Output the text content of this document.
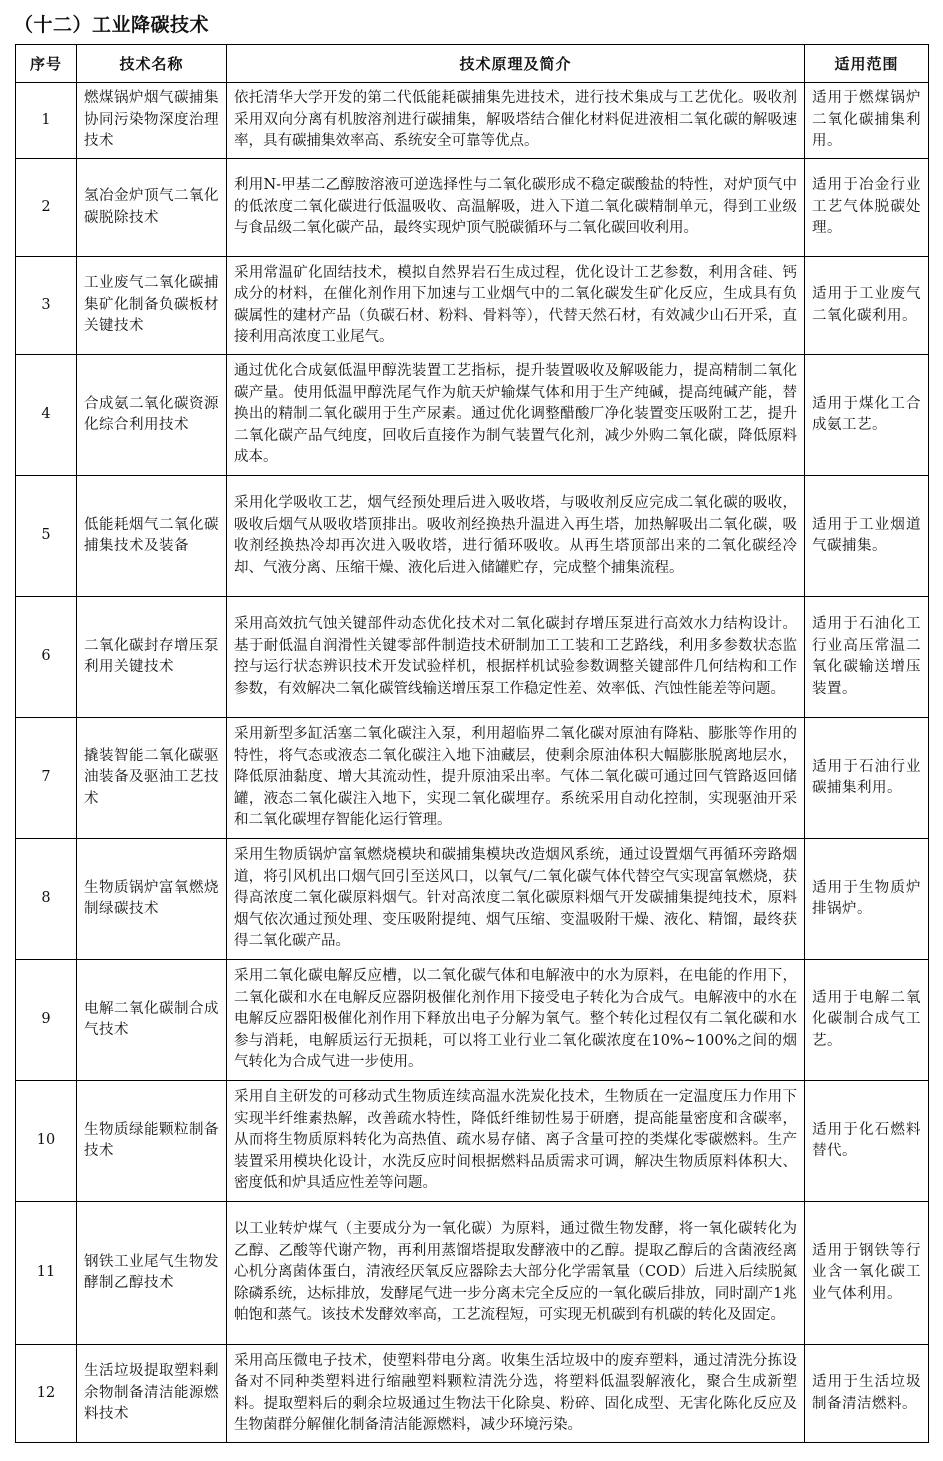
（十二）工业降碳技术
序号	技术名称	技术原理及简介	适用范围
1	燃煤锅炉烟气碳捕集协同污染物深度治理技术	依托清华大学开发的第二代低能耗碳捕集先进技术，进行技术集成与工艺优化。吸收剂采用双向分离有机胺溶剂进行碳捕集，解吸塔结合催化材料促进液相二氧化碳的解吸速率，具有碳捕集效率高、系统安全可靠等优点。	适用于燃煤锅炉二氧化碳捕集利用。
2	氢冶金炉顶气二氧化碳脱除技术	利用N-甲基二乙醇胺溶液可逆选择性与二氧化碳形成不稳定碳酸盐的特性，对炉顶气中的低浓度二氧化碳进行低温吸收、高温解吸，进入下道二氧化碳精制单元，得到工业级与食品级二氧化碳产品，最终实现炉顶气脱碳循环与二氧化碳回收利用。	适用于冶金行业工艺气体脱碳处理。
3	工业废气二氧化碳捕集矿化制备负碳板材关键技术	采用常温矿化固结技术，模拟自然界岩石生成过程，优化设计工艺参数，利用含硅、钙成分的材料，在催化剂作用下加速与工业烟气中的二氧化碳发生矿化反应，生成具有负碳属性的建材产品（负碳石材、粉料、骨料等），代替天然石材，有效减少山石开采，直接利用高浓度工业尾气。	适用于工业废气二氧化碳利用。
4	合成氨二氧化碳资源化综合利用技术	通过优化合成氨低温甲醇洗装置工艺指标，提升装置吸收及解吸能力，提高精制二氧化碳产量。使用低温甲醇洗尾气作为航天炉输煤气体和用于生产纯碱，提高纯碱产能，替换出的精制二氧化碳用于生产尿素。通过优化调整醋酸厂净化装置变压吸附工艺，提升二氧化碳产品气纯度，回收后直接作为制气装置气化剂，减少外购二氧化碳，降低原料成本。	适用于煤化工合成氨工艺。
5	低能耗烟气二氧化碳捕集技术及装备	采用化学吸收工艺，烟气经预处理后进入吸收塔，与吸收剂反应完成二氧化碳的吸收，吸收后烟气从吸收塔顶排出。吸收剂经换热升温进入再生塔，加热解吸出二氧化碳，吸收剂经换热冷却再次进入吸收塔，进行循环吸收。从再生塔顶部出来的二氧化碳经冷却、气液分离、压缩干燥、液化后进入储罐贮存，完成整个捕集流程。	适用于工业烟道气碳捕集。
6	二氧化碳封存增压泵利用关键技术	采用高效抗气蚀关键部件动态优化技术对二氧化碳封存增压泵进行高效水力结构设计。基于耐低温自润滑性关键零部件制造技术研制加工工装和工艺路线，利用多参数状态监控与运行状态辨识技术开发试验样机，根据样机试验参数调整关键部件几何结构和工作参数，有效解决二氧化碳管线输送增压泵工作稳定性差、效率低、汽蚀性能差等问题。	适用于石油化工行业高压常温二氧化碳输送增压装置。
7	撬装智能二氧化碳驱油装备及驱油工艺技术	采用新型多缸活塞二氧化碳注入泵，利用超临界二氧化碳对原油有降粘、膨胀等作用的特性，将气态或液态二氧化碳注入地下油藏层，使剩余原油体积大幅膨胀脱离地层水，降低原油黏度、增大其流动性，提升原油采出率。气体二氧化碳可通过回气管路返回储罐，液态二氧化碳注入地下，实现二氧化碳埋存。系统采用自动化控制，实现驱油开采和二氧化碳埋存智能化运行管理。	适用于石油行业碳捕集利用。
8	生物质锅炉富氧燃烧制绿碳技术	采用生物质锅炉富氧燃烧模块和碳捕集模块改造烟风系统，通过设置烟气再循环旁路烟道，将引风机出口烟气回引至送风口，以氧气/二氧化碳气体代替空气实现富氧燃烧，获得高浓度二氧化碳原料烟气。针对高浓度二氧化碳原料烟气开发碳捕集提纯技术，原料烟气依次通过预处理、变压吸附提纯、烟气压缩、变温吸附干燥、液化、精馏，最终获得二氧化碳产品。	适用于生物质炉排锅炉。
9	电解二氧化碳制合成气技术	采用二氧化碳电解反应槽，以二氧化碳气体和电解液中的水为原料，在电能的作用下，二氧化碳和水在电解反应器阴极催化剂作用下接受电子转化为合成气。电解液中的水在电解反应器阳极催化剂作用下释放出电子分解为氧气。整个转化过程仅有二氧化碳和水参与消耗，电解质运行无损耗，可以将工业行业二氧化碳浓度在10%~100%之间的烟气转化为合成气进一步使用。	适用于电解二氧化碳制合成气工艺。
10	生物质绿能颗粒制备技术	采用自主研发的可移动式生物质连续高温水洗炭化技术，生物质在一定温度压力作用下实现半纤维素热解，改善疏水特性，降低纤维韧性易于研磨，提高能量密度和含碳率，从而将生物质原料转化为高热值、疏水易存储、离子含量可控的类煤化零碳燃料。生产装置采用模块化设计，水洗反应时间根据燃料品质需求可调，解决生物质原料体积大、密度低和炉具适应性差等问题。	适用于化石燃料替代。
11	钢铁工业尾气生物发酵制乙醇技术	以工业转炉煤气（主要成分为一氧化碳）为原料，通过微生物发酵，将一氧化碳转化为乙醇、乙酸等代谢产物，再利用蒸馏塔提取发酵液中的乙醇。提取乙醇后的含菌液经离心机分离菌体蛋白，清液经厌氧反应器除去大部分化学需氧量（COD）后进入后续脱氮除磷系统，达标排放，发酵尾气进一步分离未完全反应的一氧化碳后排放，同时副产1兆帕饱和蒸气。该技术发酵效率高，工艺流程短，可实现无机碳到有机碳的转化及固定。	适用于钢铁等行业含一氧化碳工业气体利用。
12	生活垃圾提取塑料剩余物制备清洁能源燃料技术	采用高压微电子技术，使塑料带电分离。收集生活垃圾中的废弃塑料，通过清洗分拣设备对不同种类塑料进行缩融塑料颗粒清洗分选，将塑料低温裂解液化，聚合生成新塑料。提取塑料后的剩余垃圾通过生物法干化除臭、粉碎、固化成型、无害化陈化反应及生物菌群分解催化制备清洁能源燃料，减少环境污染。	适用于生活垃圾制备清洁燃料。
